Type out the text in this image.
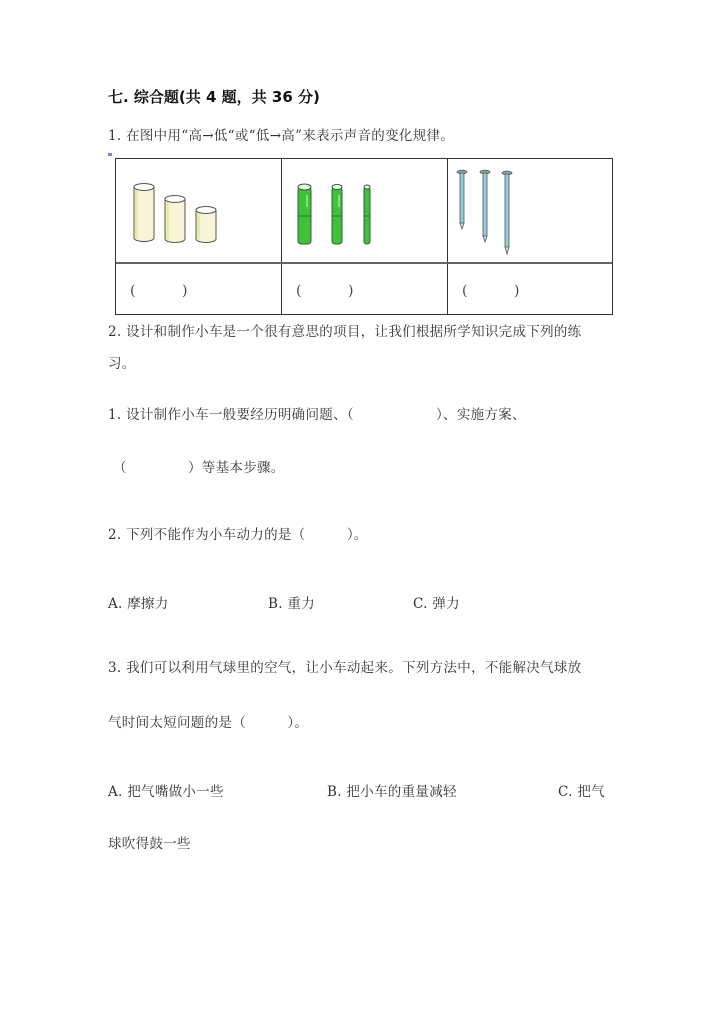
七. 综合题(共 4 题，共 36 分)
1. 在图中用“高→低“或“低→高”来表示声音的变化规律。
(	)	(	)	(	)
2. 设计和制作小车是一个很有意思的项目，让我们根据所学知识完成下列的练
习。
1. 设计制作小车一般要经历明确问题、（	）、实施方案、
（	）等基本步骤。
2. 下列不能作为小车动力的是（　　　）。
A. 摩擦力	B. 重力	C. 弹力
3. 我们可以利用气球里的空气，让小车动起来。下列方法中，不能解决气球放
气时间太短问题的是（　　　）。
A. 把气嘴做小一些	B. 把小车的重量减轻	C. 把气
球吹得鼓一些
